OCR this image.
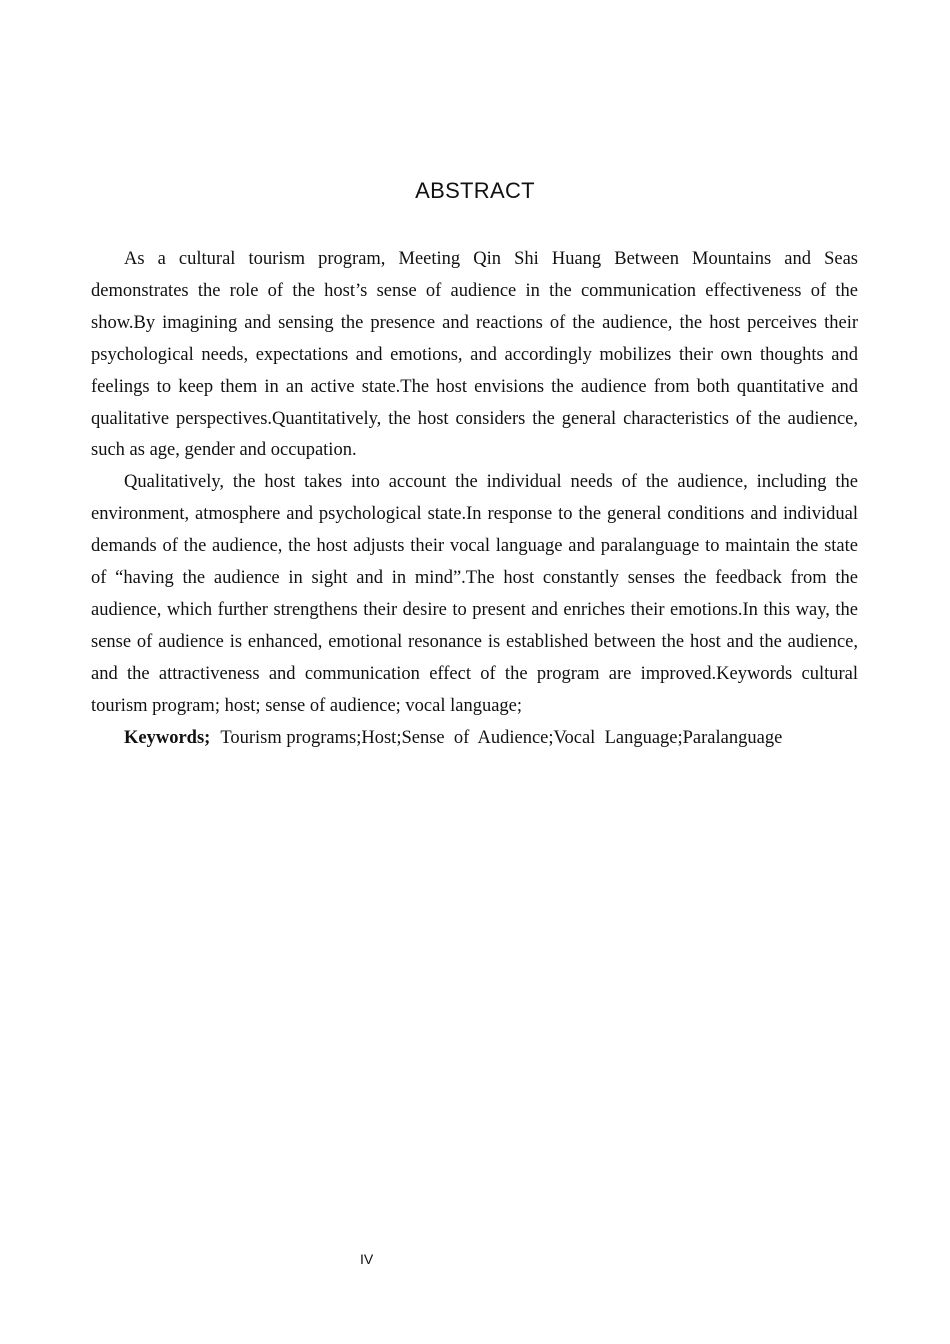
ABSTRACT

As a cultural tourism program, Meeting Qin Shi Huang Between Mountains and Seas demonstrates the role of the host’s sense of audience in the communication effectiveness of the show.By imagining and sensing the presence and reactions of the audience, the host perceives their psychological needs, expectations and emotions, and accordingly mobilizes their own thoughts and feelings to keep them in an active state.The host envisions the audience from both quantitative and qualitative perspectives.Quantitatively, the host considers the general characteristics of the audience, such as age, gender and occupation.

Qualitatively, the host takes into account the individual needs of the audience, including the environment, atmosphere and psychological state.In response to the general conditions and individual demands of the audience, the host adjusts their vocal language and paralanguage to maintain the state of “having the audience in sight and in mind”.The host constantly senses the feedback from the audience, which further strengthens their desire to present and enriches their emotions.In this way, the sense of audience is enhanced, emotional resonance is established between the host and the audience, and the attractiveness and communication effect of the program are improved.Keywords cultural tourism program; host; sense of audience; vocal language;

Keywords; Tourism programs;Host;Sense  of  Audience;Vocal  Language;Paralanguage

IV
